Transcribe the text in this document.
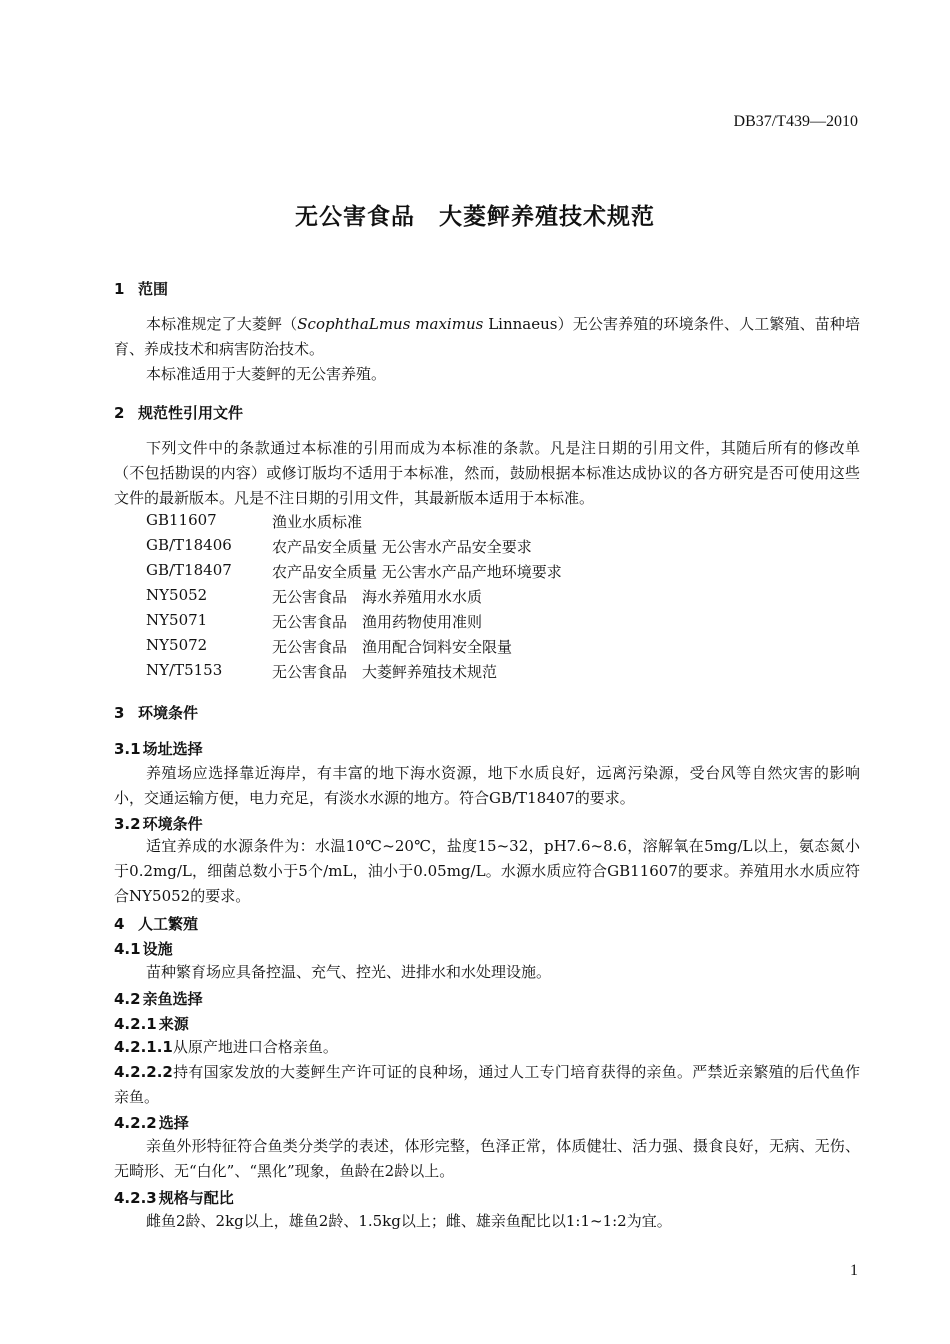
DB37/T439—2010
无公害食品　大菱鲆养殖技术规范
1 范围
本标准规定了大菱鲆（ScophthaLmus maximus Linnaeus）无公害养殖的环境条件、人工繁殖、苗种培育、养成技术和病害防治技术。
本标准适用于大菱鲆的无公害养殖。
2 规范性引用文件
下列文件中的条款通过本标准的引用而成为本标准的条款。凡是注日期的引用文件，其随后所有的修改单（不包括勘误的内容）或修订版均不适用于本标准，然而，鼓励根据本标准达成协议的各方研究是否可使用这些文件的最新版本。凡是不注日期的引用文件，其最新版本适用于本标准。
GB11607	渔业水质标准
GB/T18406	农产品安全质量 无公害水产品安全要求
GB/T18407	农产品安全质量 无公害水产品产地环境要求
NY5052	无公害食品　海水养殖用水水质
NY5071	无公害食品　渔用药物使用准则
NY5072	无公害食品　渔用配合饲料安全限量
NY/T5153	无公害食品　大菱鲆养殖技术规范
3 环境条件
3.1 场址选择
养殖场应选择靠近海岸，有丰富的地下海水资源，地下水质良好，远离污染源，受台风等自然灾害的影响小，交通运输方便，电力充足，有淡水水源的地方。符合GB/T18407的要求。
3.2 环境条件
适宜养成的水源条件为：水温10℃~20℃，盐度15~32，pH7.6~8.6，溶解氧在5mg/L以上，氨态氮小于0.2mg/L，细菌总数小于5个/mL，油小于0.05mg/L。水源水质应符合GB11607的要求。养殖用水水质应符合NY5052的要求。
4 人工繁殖
4.1 设施
苗种繁育场应具备控温、充气、控光、进排水和水处理设施。
4.2 亲鱼选择
4.2.1 来源
4.2.1.1从原产地进口合格亲鱼。
4.2.2.2持有国家发放的大菱鲆生产许可证的良种场，通过人工专门培育获得的亲鱼。严禁近亲繁殖的后代鱼作亲鱼。
4.2.2 选择
亲鱼外形特征符合鱼类分类学的表述，体形完整，色泽正常，体质健壮、活力强、摄食良好，无病、无伤、无畸形、无“白化”、“黑化”现象，鱼龄在2龄以上。
4.2.3 规格与配比
雌鱼2龄、2kg以上，雄鱼2龄、1.5kg以上；雌、雄亲鱼配比以1:1~1:2为宜。
1
